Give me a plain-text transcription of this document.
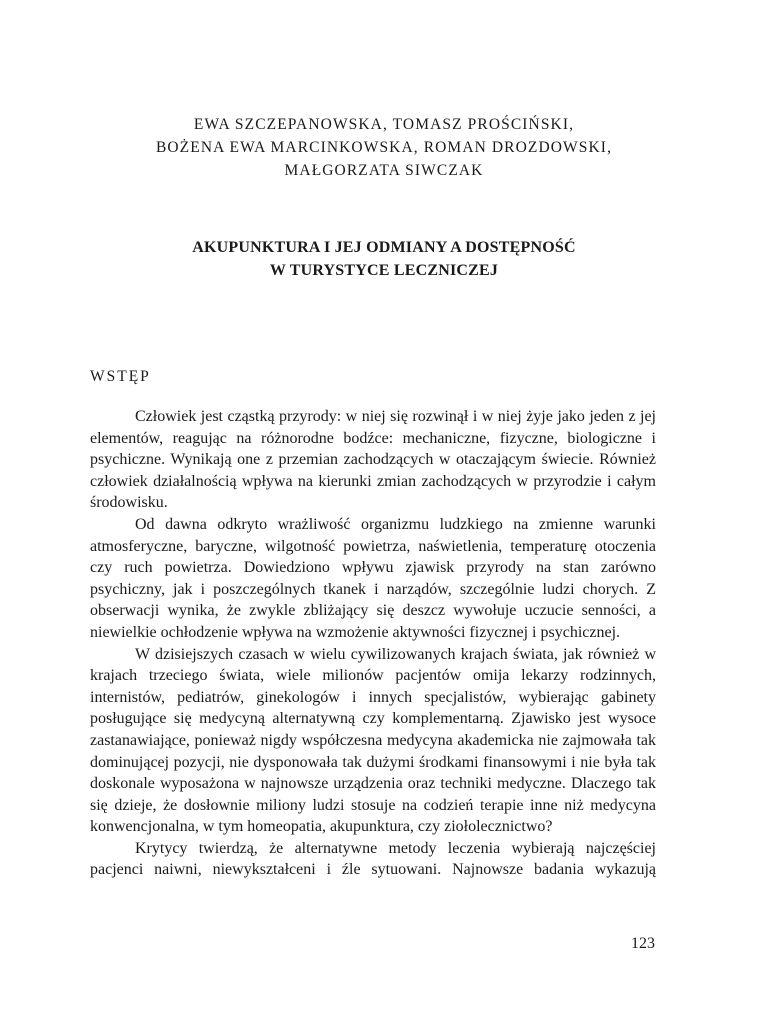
EWA SZCZEPANOWSKA, TOMASZ PROŚCIŃSKI,
BOŻENA EWA MARCINKOWSKA, ROMAN DROZDOWSKI,
MAŁGORZATA SIWCZAK
AKUPUNKTURA I JEJ ODMIANY A DOSTĘPNOŚĆ
W TURYSTYCE LECZNICZEJ
WSTĘP

Człowiek jest cząstką przyrody: w niej się rozwinął i w niej żyje jako jeden z jej elementów, reagując na różnorodne bodźce: mechaniczne, fizyczne, biologiczne i psychiczne. Wynikają one z przemian zachodzących w otaczającym świecie. Również człowiek działalnością wpływa na kierunki zmian zachodzących w przyrodzie i całym środowisku.

Od dawna odkryto wrażliwość organizmu ludzkiego na zmienne warunki atmosferyczne, baryczne, wilgotność powietrza, naświetlenia, temperaturę otoczenia czy ruch powietrza. Dowiedziono wpływu zjawisk przyrody na stan zarówno psychiczny, jak i poszczególnych tkanek i narządów, szczególnie ludzi chorych. Z obserwacji wynika, że zwykle zbliżający się deszcz wywołuje uczucie senności, a niewielkie ochłodzenie wpływa na wzmożenie aktywności fizycznej i psychicznej.

W dzisiejszych czasach w wielu cywilizowanych krajach świata, jak również w krajach trzeciego świata, wiele milionów pacjentów omija lekarzy rodzinnych, internistów, pediatrów, ginekologów i innych specjalistów, wybierając gabinety posługujące się medycyną alternatywną czy komplementarną. Zjawisko jest wysoce zastanawiające, ponieważ nigdy współczesna medycyna akademicka nie zajmowała tak dominującej pozycji, nie dysponowała tak dużymi środkami finansowymi i nie była tak doskonale wyposażona w najnowsze urządzenia oraz techniki medyczne. Dlaczego tak się dzieje, że dosłownie miliony ludzi stosuje na codzień terapie inne niż medycyna konwencjonalna, w tym homeopatia, akupunktura, czy ziołolecznictwo?

Krytycy twierdzą, że alternatywne metody leczenia wybierają najczęściej pacjenci naiwni, niewykształceni i źle sytuowani. Najnowsze badania wykazują

123
